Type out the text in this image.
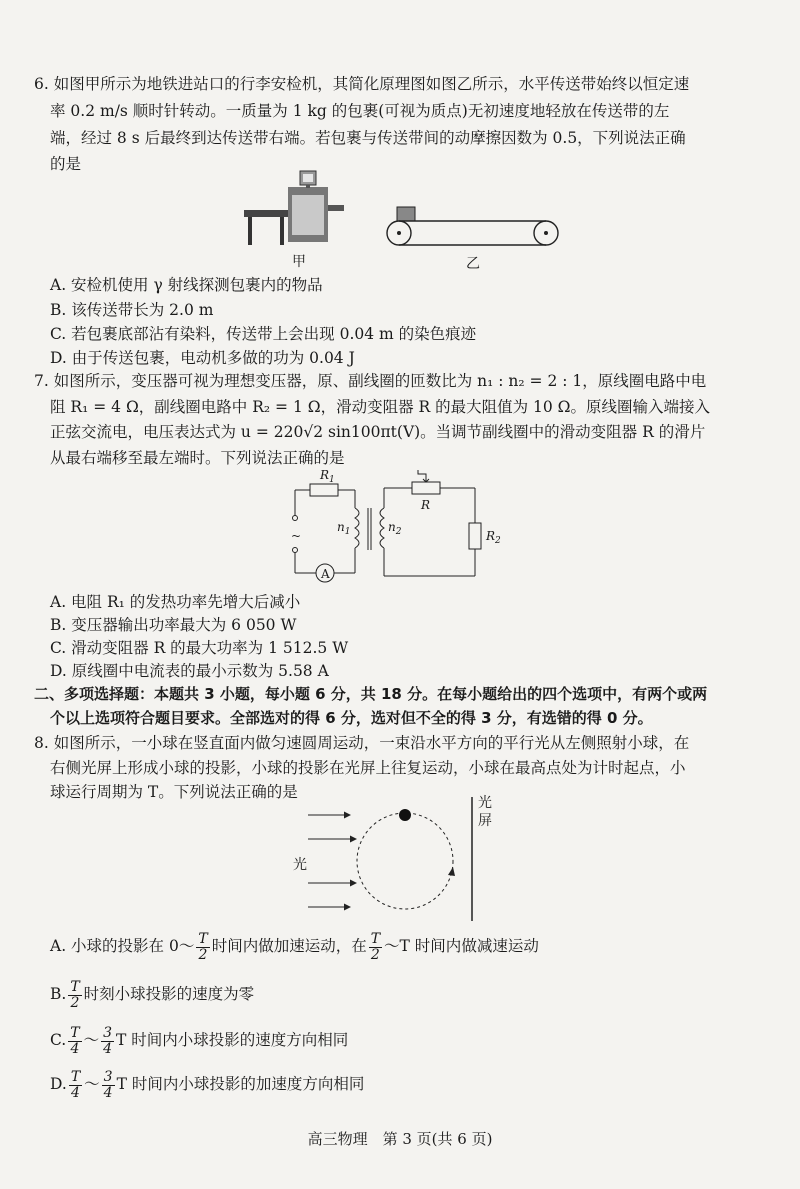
6. 如图甲所示为地铁进站口的行李安检机，其简化原理图如图乙所示，水平传送带始终以恒定速
率 0.2 m/s 顺时针转动。一质量为 1 kg 的包裹(可视为质点)无初速度地轻放在传送带的左
端，经过 8 s 后最终到达传送带右端。若包裹与传送带间的动摩擦因数为 0.5，下列说法正确
的是
甲	乙
A. 安检机使用 γ 射线探测包裹内的物品
B. 该传送带长为 2.0 m
C. 若包裹底部沾有染料，传送带上会出现 0.04 m 的染色痕迹
D. 由于传送包裹，电动机多做的功为 0.04 J
7. 如图所示，变压器可视为理想变压器，原、副线圈的匝数比为 n₁ : n₂ = 2 : 1，原线圈电路中电
阻 R₁ = 4 Ω，副线圈电路中 R₂ = 1 Ω，滑动变阻器 R 的最大阻值为 10 Ω。原线圈输入端接入
正弦交流电，电压表达式为 u = 220√2 sin100πt(V)。当调节副线圈中的滑动变阻器 R 的滑片
从最右端移至最左端时。下列说法正确的是
~
A
$R_1$
$n_1$	$n_2$
R
$R_2$
A. 电阻 R₁ 的发热功率先增大后减小
B. 变压器输出功率最大为 6 050 W
C. 滑动变阻器 R 的最大功率为 1 512.5 W
D. 原线圈中电流表的最小示数为 5.58 A
二、多项选择题：本题共 3 小题，每小题 6 分，共 18 分。在每小题给出的四个选项中，有两个或两
个以上选项符合题目要求。全部选对的得 6 分，选对但不全的得 3 分，有选错的得 0 分。
8. 如图所示，一小球在竖直面内做匀速圆周运动，一束沿水平方向的平行光从左侧照射小球，在
右侧光屏上形成小球的投影，小球的投影在光屏上往复运动，小球在最高点处为计时起点，小
球运行周期为 T。下列说法正确的是
光
光
屏
A. 小球的投影在 0～ $\frac{T}{2}$ 时间内做加速运动，在 $\frac{T}{2}$ ～T 时间内做减速运动
B. $\frac{T}{2}$ 时刻小球投影的速度为零
C. $\frac{T}{4}$ ～ $\frac{3}{4}$ T 时间内小球投影的速度方向相同
D. $\frac{T}{4}$ ～ $\frac{3}{4}$ T 时间内小球投影的加速度方向相同
高三物理　第 3 页(共 6 页)
